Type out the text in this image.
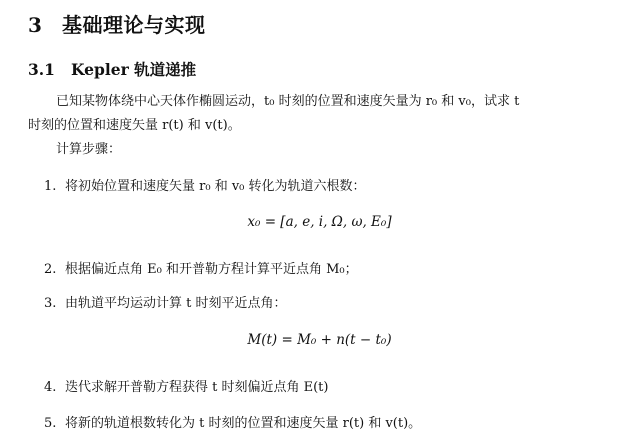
3 基础理论与实现
3.1 Kepler 轨道递推
已知某物体绕中心天体作椭圆运动，t₀ 时刻的位置和速度矢量为 r₀ 和 v₀，试求 t
时刻的位置和速度矢量 r(t) 和 v(t)。
计算步骤：
1. 将初始位置和速度矢量 r₀ 和 v₀ 转化为轨道六根数：
2. 根据偏近点角 E₀ 和开普勒方程计算平近点角 M₀；
3. 由轨道平均运动计算 t 时刻平近点角：
4. 迭代求解开普勒方程获得 t 时刻偏近点角 E(t)
5. 将新的轨道根数转化为 t 时刻的位置和速度矢量 r(t) 和 v(t)。
x₀ = [a, e, i, Ω, ω, E₀]
M(t) = M₀ + n(t − t₀)
